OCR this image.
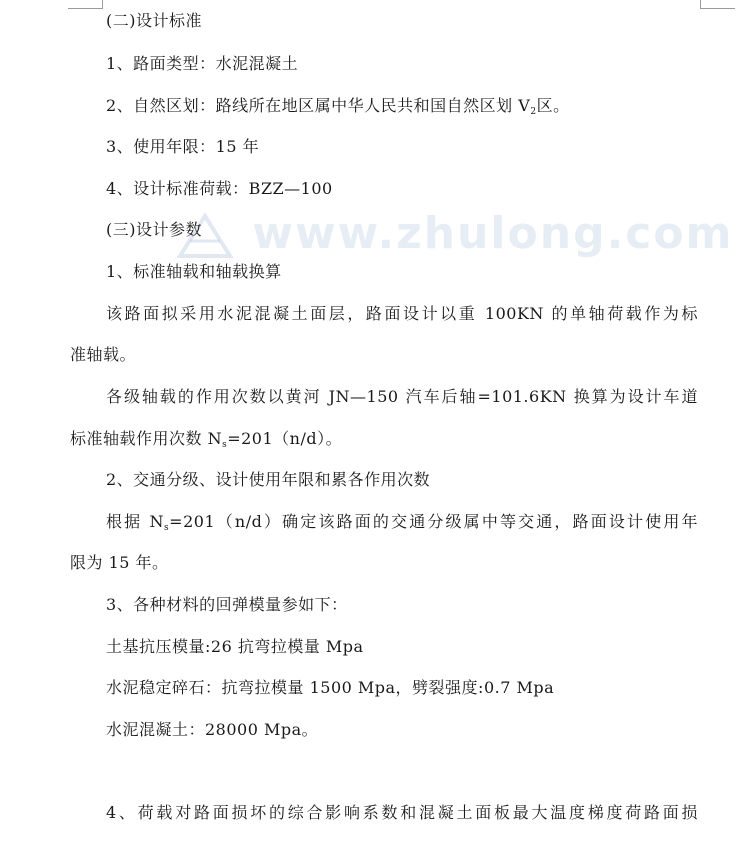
www.zhulong.com
(二)设计标准
1、路面类型：水泥混凝土
2、自然区划：路线所在地区属中华人民共和国自然区划 $V_2$区。
3、使用年限：15 年
4、设计标准荷载：BZZ—100
(三)设计参数
1、标准轴载和轴载换算
该路面拟采用水泥混凝土面层，路面设计以重 100KN 的单轴荷载作为标
准轴载。
各级轴载的作用次数以黄河 JN—150 汽车后轴=101.6KN 换算为设计车道
标准轴载作用次数 $N_s=201(n/d)$。
2、交通分级、设计使用年限和累各作用次数
根据 $N_s=201(n/d)$确定该路面的交通分级属中等交通，路面设计使用年
限为 15 年。
3、各种材料的回弹模量参如下：
土基抗压模量:26 抗弯拉模量 Mpa
水泥稳定碎石：抗弯拉模量 1500 Mpa，劈裂强度:0.7 Mpa
水泥混凝土：28000 Mpa。
4、荷载对路面损坏的综合影响系数和混凝土面板最大温度梯度荷路面损
